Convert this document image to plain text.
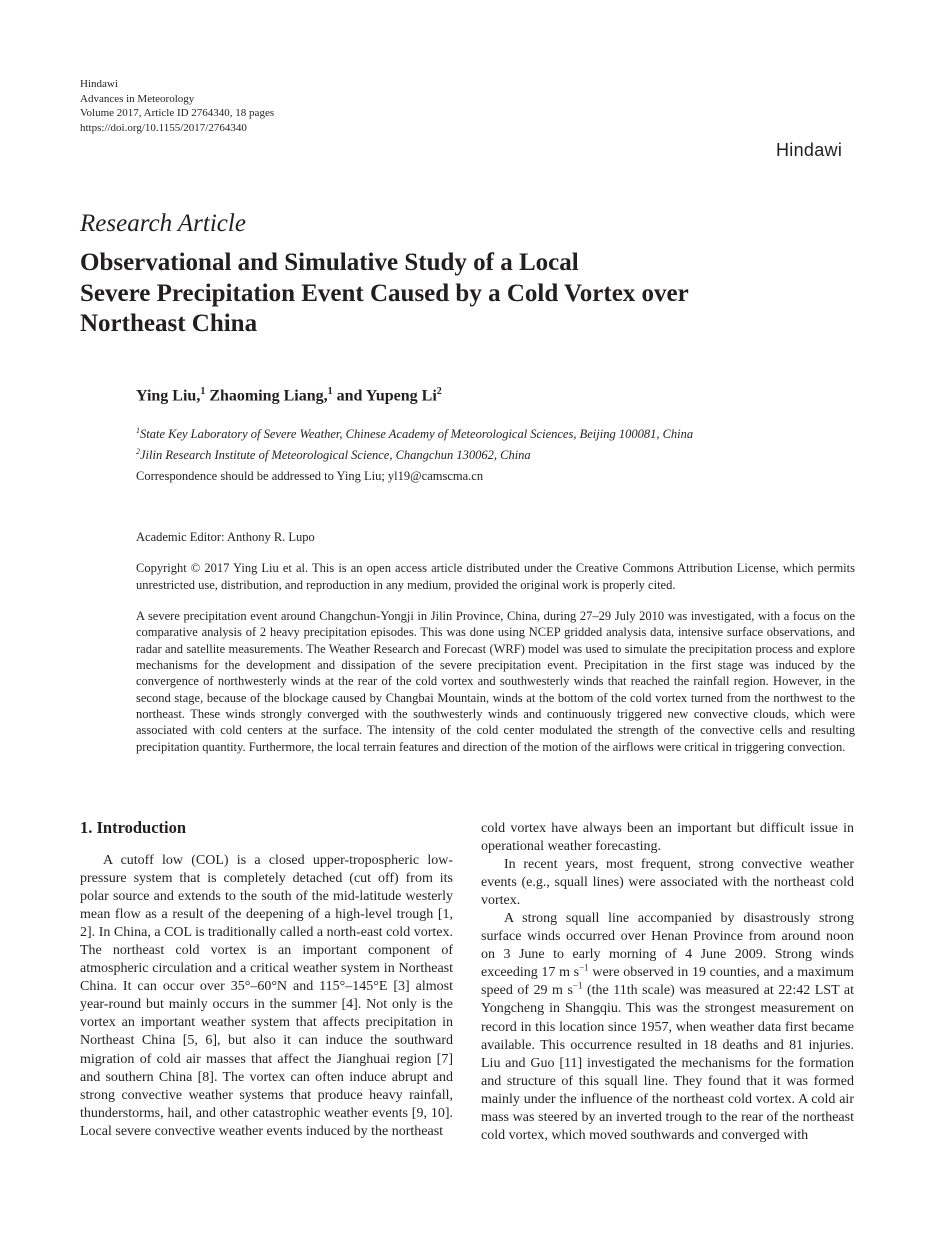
Hindawi
Advances in Meteorology
Volume 2017, Article ID 2764340, 18 pages
https://doi.org/10.1155/2017/2764340
Hindawi
Research Article
Observational and Simulative Study of a Local
Severe Precipitation Event Caused by a Cold Vortex over
Northeast China
Ying Liu,$^1$ Zhaoming Liang,$^1$ and Yupeng Li$^2$
$^1$State Key Laboratory of Severe Weather, Chinese Academy of Meteorological Sciences, Beijing 100081, China
$^2$Jilin Research Institute of Meteorological Science, Changchun 130062, China
Correspondence should be addressed to Ying Liu; yl19@camscma.cn
Academic Editor: Anthony R. Lupo
Copyright © 2017 Ying Liu et al. This is an open access article distributed under the Creative Commons Attribution License, which permits unrestricted use, distribution, and reproduction in any medium, provided the original work is properly cited.
A severe precipitation event around Changchun-Yongji in Jilin Province, China, during 27–29 July 2010 was investigated, with a focus on the comparative analysis of 2 heavy precipitation episodes. This was done using NCEP gridded analysis data, intensive surface observations, and radar and satellite measurements. The Weather Research and Forecast (WRF) model was used to simulate the precipitation process and explore mechanisms for the development and dissipation of the severe precipitation event. Precipitation in the first stage was induced by the convergence of northwesterly winds at the rear of the cold vortex and southwesterly winds that reached the rainfall region. However, in the second stage, because of the blockage caused by Changbai Mountain, winds at the bottom of the cold vortex turned from the northwest to the northeast. These winds strongly converged with the southwesterly winds and continuously triggered new convective clouds, which were associated with cold centers at the surface. The intensity of the cold center modulated the strength of the convective cells and resulting precipitation quantity. Furthermore, the local terrain features and direction of the motion of the airflows were critical in triggering convection.
1. Introduction

A cutoff low (COL) is a closed upper-tropospheric low-pressure system that is completely detached (cut off) from its polar source and extends to the south of the mid-latitude westerly mean flow as a result of the deepening of a high-level trough [1, 2]. In China, a COL is traditionally called a north-east cold vortex. The northeast cold vortex is an important component of atmospheric circulation and a critical weather system in Northeast China. It can occur over 35°–60°N and 115°–145°E [3] almost year-round but mainly occurs in the summer [4]. Not only is the vortex an important weather system that affects precipitation in Northeast China [5, 6], but also it can induce the southward migration of cold air masses that affect the Jianghuai region [7] and southern China [8]. The vortex can often induce abrupt and strong convective weather systems that produce heavy rainfall, thunderstorms, hail, and other catastrophic weather events [9, 10]. Local severe convective weather events induced by the northeast

cold vortex have always been an important but difficult issue in operational weather forecasting.

In recent years, most frequent, strong convective weather events (e.g., squall lines) were associated with the northeast cold vortex.

A strong squall line accompanied by disastrously strong surface winds occurred over Henan Province from around noon on 3 June to early morning of 4 June 2009. Strong winds exceeding 17 m $s^{-1}$ were observed in 19 counties, and a maximum speed of 29 m $s^{-1}$ (the 11th scale) was measured at 22:42 LST at Yongcheng in Shangqiu. This was the strongest measurement on record in this location since 1957, when weather data first became available. This occurrence resulted in 18 deaths and 81 injuries. Liu and Guo [11] investigated the mechanisms for the formation and structure of this squall line. They found that it was formed mainly under the influence of the northeast cold vortex. A cold air mass was steered by an inverted trough to the rear of the northeast cold vortex, which moved southwards and converged with
